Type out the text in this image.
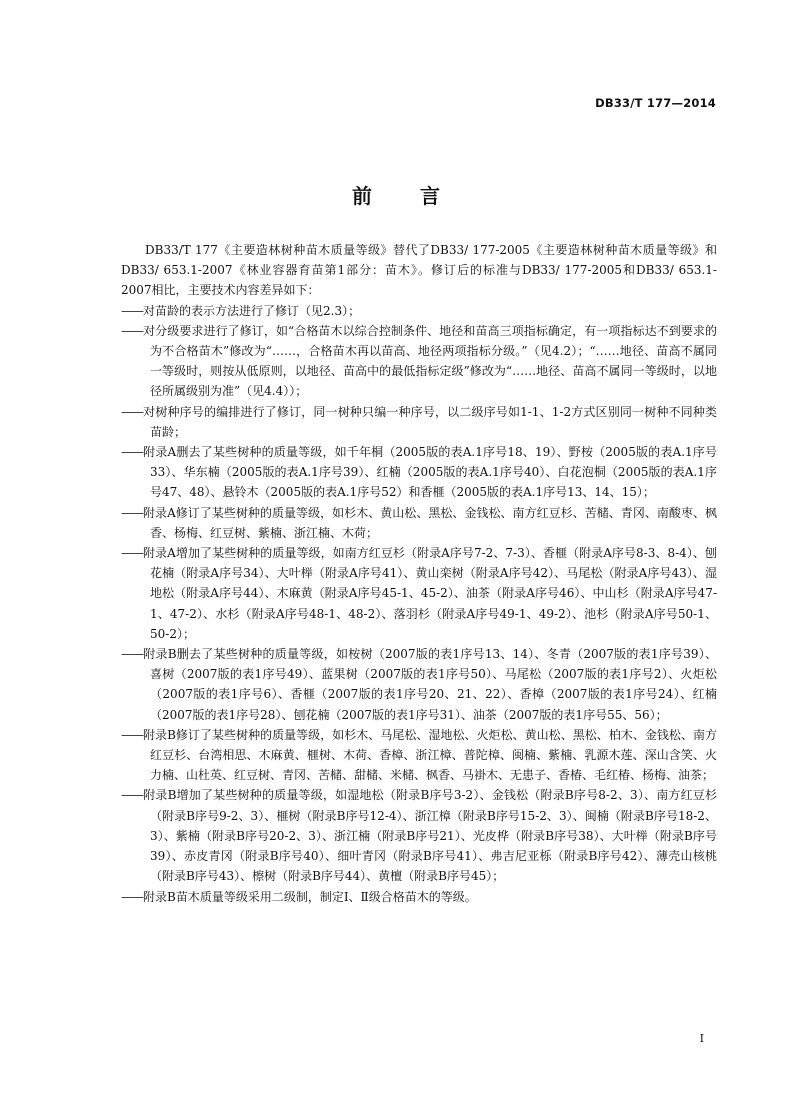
DB33/T 177—2014
前言

DB33/T 177《主要造林树种苗木质量等级》替代了DB33/ 177-2005《主要造林树种苗木质量等级》和DB33/ 653.1-2007《林业容器育苗第1部分：苗木》。修订后的标准与DB33/ 177-2005和DB33/ 653.1-2007相比，主要技术内容差异如下：

——对苗龄的表示方法进行了修订（见2.3）；

——对分级要求进行了修订，如“合格苗木以综合控制条件、地径和苗高三项指标确定，有一项指标达不到要求的为不合格苗木”修改为“……，合格苗木再以苗高、地径两项指标分级。”（见4.2）；“……地径、苗高不属同一等级时，则按从低原则，以地径、苗高中的最低指标定级”修改为“……地径、苗高不属同一等级时，以地径所属级别为准”（见4.4））；

——对树种序号的编排进行了修订，同一树种只编一种序号，以二级序号如1-1、1-2方式区别同一树种不同种类苗龄；

——附录A删去了某些树种的质量等级，如千年桐（2005版的表A.1序号18、19）、野桉（2005版的表A.1序号33）、华东楠（2005版的表A.1序号39）、红楠（2005版的表A.1序号40）、白花泡桐（2005版的表A.1序号47、48）、悬铃木（2005版的表A.1序号52）和香榧（2005版的表A.1序号13、14、15）；

——附录A修订了某些树种的质量等级，如杉木、黄山松、黑松、金钱松、南方红豆杉、苦槠、青冈、南酸枣、枫香、杨梅、红豆树、紫楠、浙江楠、木荷；

——附录A增加了某些树种的质量等级，如南方红豆杉（附录A序号7-2、7-3）、香榧（附录A序号8-3、8-4）、刨花楠（附录A序号34）、大叶榉（附录A序号41）、黄山栾树（附录A序号42）、马尾松（附录A序号43）、湿地松（附录A序号44）、木麻黄（附录A序号45-1、45-2）、油茶（附录A序号46）、中山杉（附录A序号47-1、47-2）、水杉（附录A序号48-1、48-2）、落羽杉（附录A序号49-1、49-2）、池杉（附录A序号50-1、50-2）；

——附录B删去了某些树种的质量等级，如桉树（2007版的表1序号13、14）、冬青（2007版的表1序号39）、喜树（2007版的表1序号49）、蓝果树（2007版的表1序号50）、马尾松（2007版的表1序号2）、火炬松（2007版的表1序号6）、香榧（2007版的表1序号20、21、22）、香樟（2007版的表1序号24）、红楠（2007版的表1序号28）、刨花楠（2007版的表1序号31）、油茶（2007版的表1序号55、56）；

——附录B修订了某些树种的质量等级，如杉木、马尾松、湿地松、火炬松、黄山松、黑松、柏木、金钱松、南方红豆杉、台湾相思、木麻黄、榧树、木荷、香樟、浙江樟、普陀樟、闽楠、紫楠、乳源木莲、深山含笑、火力楠、山杜英、红豆树、青冈、苦槠、甜槠、米槠、枫香、马褂木、无患子、香椿、毛红椿、杨梅、油茶；

——附录B增加了某些树种的质量等级，如湿地松（附录B序号3-2）、金钱松（附录B序号8-2、3）、南方红豆杉（附录B序号9-2、3）、榧树（附录B序号12-4）、浙江樟（附录B序号15-2、3）、闽楠（附录B序号18-2、3）、紫楠（附录B序号20-2、3）、浙江楠（附录B序号21）、光皮桦（附录B序号38）、大叶榉（附录B序号39）、赤皮青冈（附录B序号40）、细叶青冈（附录B序号41）、弗吉尼亚栎（附录B序号42）、薄壳山核桃（附录B序号43）、檫树（附录B序号44）、黄檀（附录B序号45）；

——附录B苗木质量等级采用二级制，制定Ⅰ、Ⅱ级合格苗木的等级。

I
